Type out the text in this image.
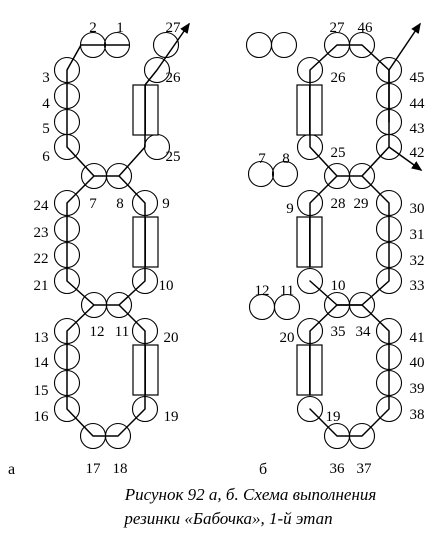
2 1	27
3	26
4
5
6	25
7 8
24	9
23
22
21	10
12 11
13	20
14
15
16	19
17 18
а
27 46
26	45
44
43
7 8	25	42
28 29
9	30
31
32
12 11 10	33
35 34
20	41
40
39
38
19
36 37
б
Рисунок 92 а, б. Схема выполнения
резинки «Бабочка», 1-й этап
